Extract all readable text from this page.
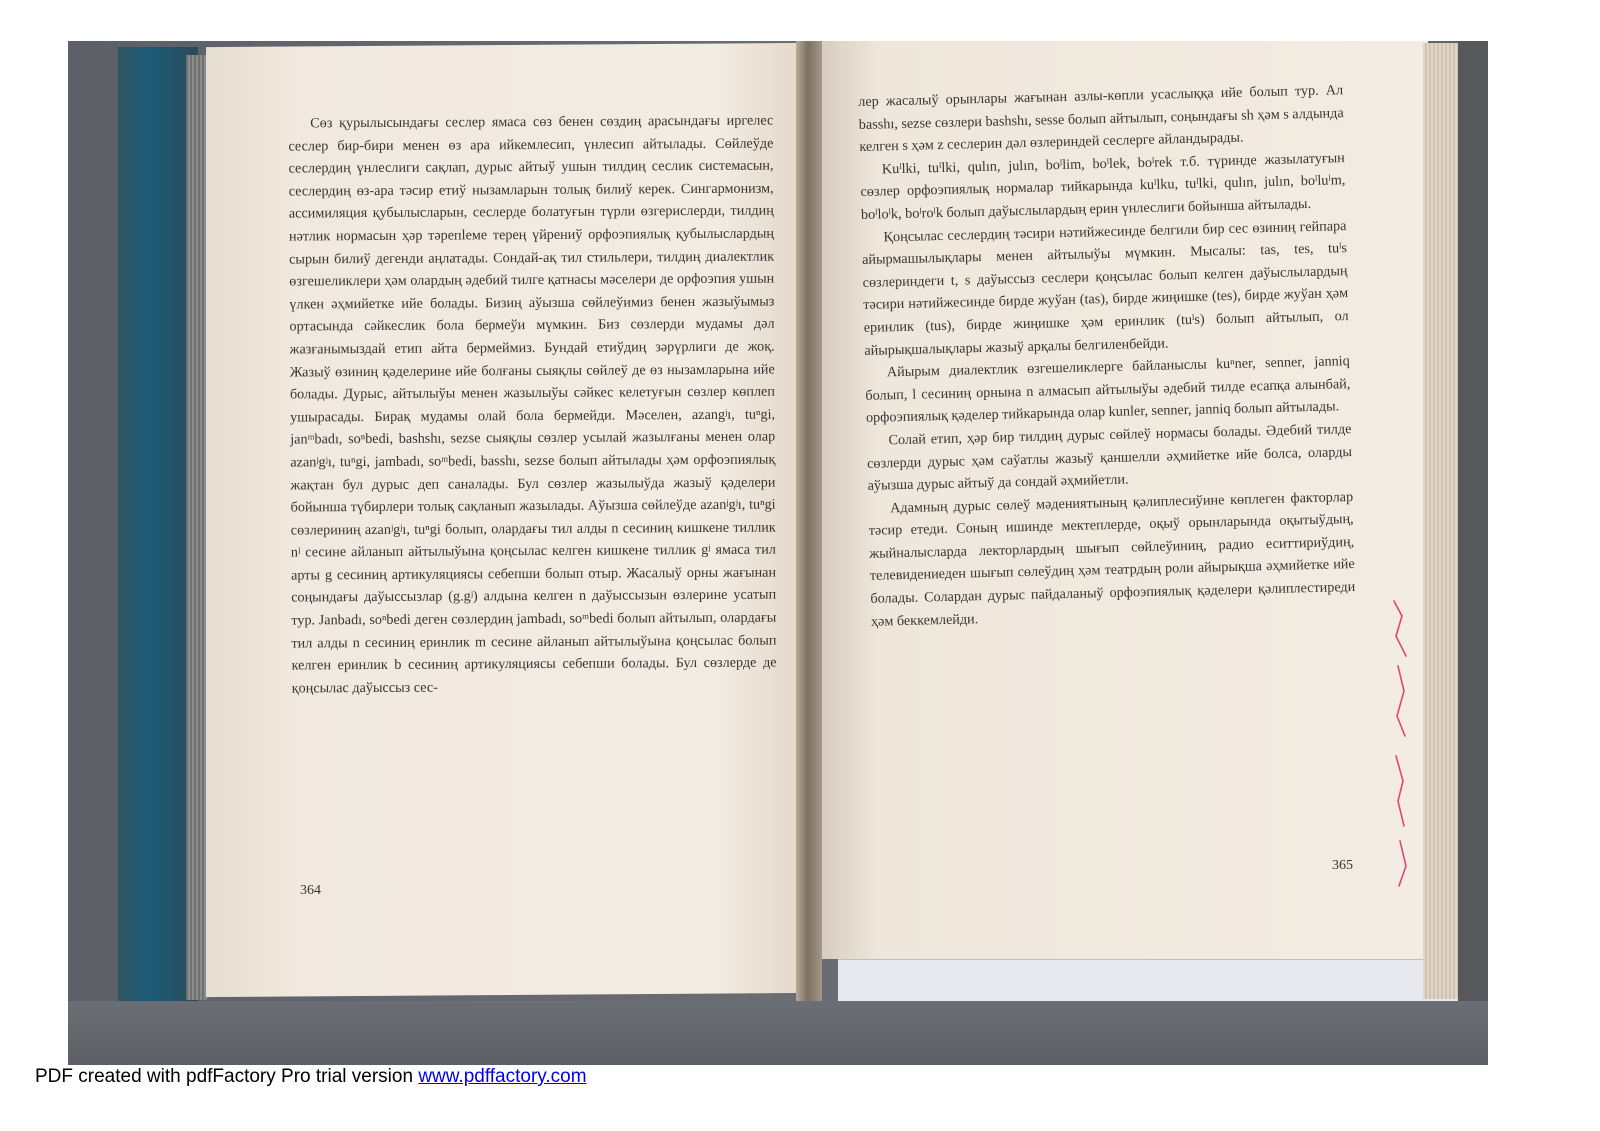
Сөз қурылысындағы сеслер ямаса сөз бенен сөздиң арасындағы иргелес сеслер бир-бири менен өз ара ийкемлесип, үнлесип айтылады. Сөйлеўде сеслердиң үнлеслиги сақлап, дурыс айтыў ушын тилдиң сеслик системасын, сеслердиң өз-ара тәсир етиў нызамларын толық билиў керек. Сингармонизм, ассимиляция қубылысларын, сеслерде болатуғын түрли өзгерислерди, тилдиң нәтлик нормасын ҳәр тәрепleме терең үйрениў орфоэпиялық қубылыслардың сырын билиў дегенди аңлатады. Сондай-ақ тил стильлери, тилдиң диалектлик өзгешеликлери ҳәм олардың әдебий тилге қатнасы мәселери де орфоэпия ушын үлкен әҳмийетке ийе болады. Бизиң аўызша сөйлеўимиз бенен жазыўымыз ортасында сәйкеслик бола бермеўи мүмкин. Биз сөзлерди мудамы дәл жазғанымыздай етип айта бермеймиз. Бундай етиўдиң зәрүрлиги де жоқ. Жазыў өзиниң қәделерине ийе болғаны сыяқлы сөйлеў де өз нызамларына ийе болады. Дурыс, айтылыўы менен жазылыўы сәйкес келетуғын сөзлер көплеп ушырасады. Бирақ мудамы олай бола бермейди. Мәселен, azangʲı, tuⁿgi, janᵐbadı, soⁿbedi, bashshı, sezse сыяқлы сөзлер усылай жазылғаны менен олар azanʲgʲı, tuⁿgi, jambadı, soᵐbedi, basshı, sezse болып айтылады ҳәм орфоэпиялық жақтан бул дурыс деп саналады. Бул сөзлер жазылыўда жазыў қәделери бойынша түбирлери толық сақланып жазылады. Аўызша сөйлеўде azanʲgʲı, tuⁿgi сөзлериниң azanʲgʲı, tuⁿgi болып, олардағы тил алды n сесиниң кишкене тиллик nʲ сесине айланып айтылыўына қоңсылас келген кишкене тиллик gʲ ямаса тил арты g сесиниң артикуляциясы себепши болып отыр. Жасалыў орны жағынан соңындағы даўыссызлар (g.gʲ) алдына келген n даўыссызын өзлерине усатып тур. Janbadı, soⁿbedi деген сөзлердиң jambadı, soᵐbedi болып айтылып, олардағы тил алды n сесиниң еринлик m сесине айланып айтылыўына қоңсылас болып келген еринлик b сесиниң артикуляциясы себепши болады. Бул сөзлерде де қоңсылас даўыссыз сес-

364

лер жасалыў орынлары жағынан азлы-көпли усаслыққа ийе болып тур. Ал basshı, sezse сөзлери bashshı, sesse болып айтылып, соңындағы sh ҳәм s алдында келген s ҳәм z сеслерин дәл өзлериндей сеслерге айландырады.

Kuˡlki, tuˡlki, qulın, julın, boˡlim, boˡlek, boˡrek т.б. түринде жазылатуғын сөзлер орфоэпиялық нормалар тийкарында kuˡlku, tuˡlki, qulın, julın, boˡluˡm, boˡloˡk, boˡroˡk болып даўыслылардың ерин үнлеслиги бойынша айтылады.

Қоңсылас сеслердиң тәсири нәтийжесинде белгили бир сес өзиниң гейпара айырмашылықлары менен айтылыўы мүмкин. Мысалы: tas, tes, tuˡs сөзлериндеги t, s даўыссыз сеслери қоңсылас болып келген даўыслылардың тәсири нәтийжесинде бирде жуўан (tas), бирде жиңишке (tes), бирде жуўан ҳәм еринлик (tus), бирде жиңишке ҳәм еринлик (tuˡs) болып айтылып, ол айырықшалықлары жазыў арқалы белгиленбейди.

Айырым диалектлик өзгешеликлерге байланыслы kuⁿner, senner, janniq болып, l сесиниң орнына n алмасып айтылыўы әдебий тилде есапқа алынбай, орфоэпиялық қәделер тийкарында олар kunler, senner, janniq болып айтылады.

Солай етип, ҳәр бир тилдиң дурыс сөйлеў нормасы болады. Әдебий тилде сөзлерди дурыс ҳәм саўатлы жазыў қаншелли әҳмийетке ийе болса, оларды аўызша дурыс айтыў да сондай әҳмийетли.

Адамның дурыс сөлеў мәдениятының қәлиплесиўине көплеген факторлар тәсир етеди. Соның ишинде мектеплерде, оқыў орынларында оқытыўдың, жыйналысларда лекторлардың шығып сөйлеўиниң, радио еситтириўдиң, телевидениеден шығып сөлеўдиң ҳәм театрдың роли айырықша әҳмийетке ийе болады. Солардан дурыс пайдаланыў орфоэпиялық қәделери қәлиплестиреди ҳәм беккемлейди.

365
PDF created with pdfFactory Pro trial version www.pdffactory.com
